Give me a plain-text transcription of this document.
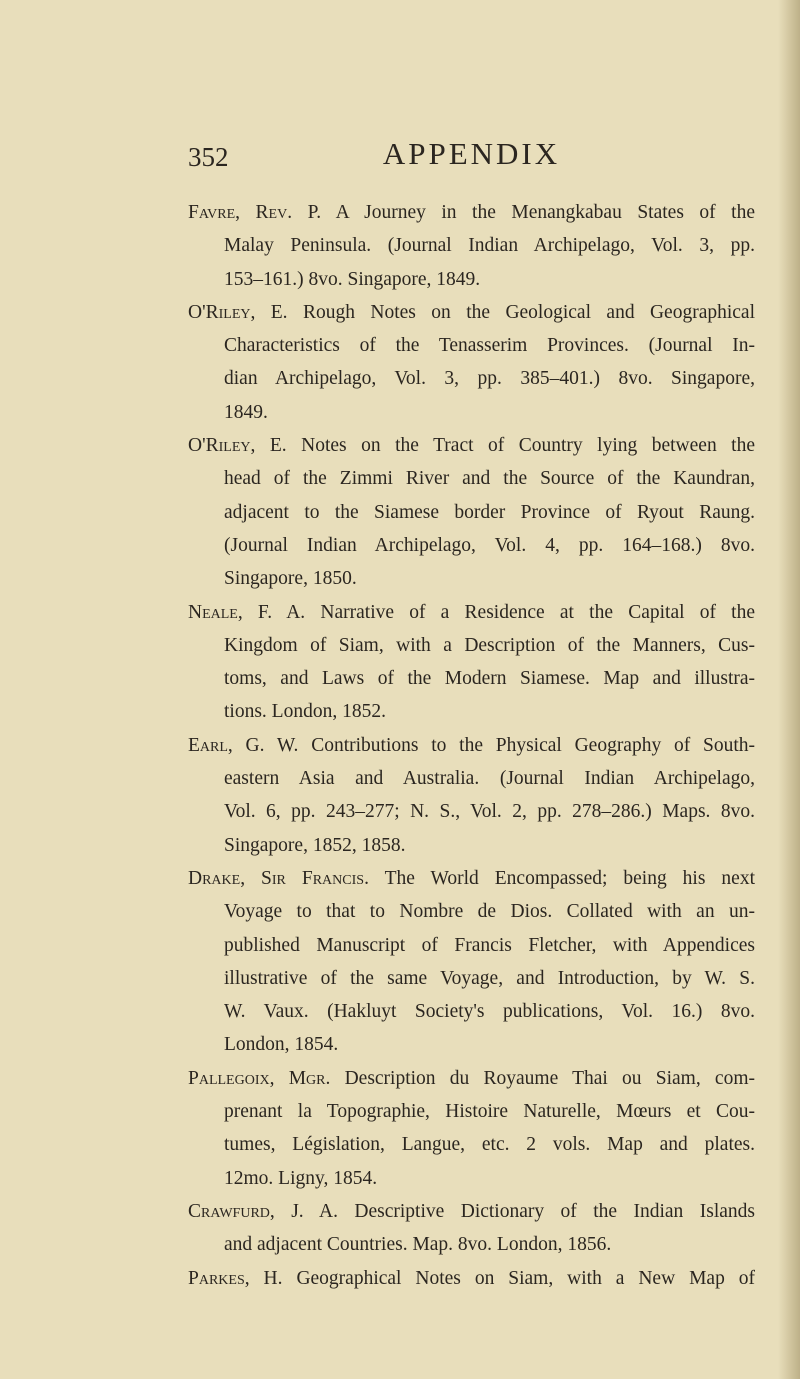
352	APPENDIX
Favre, Rev. P. A Journey in the Menangkabau States of the
Malay Peninsula. (Journal Indian Archipelago, Vol. 3, pp.
153–161.) 8vo. Singapore, 1849.
O'Riley, E. Rough Notes on the Geological and Geographical
Characteristics of the Tenasserim Provinces. (Journal In-
dian Archipelago, Vol. 3, pp. 385–401.) 8vo. Singapore,
1849.
O'Riley, E. Notes on the Tract of Country lying between the
head of the Zimmi River and the Source of the Kaundran,
adjacent to the Siamese border Province of Ryout Raung.
(Journal Indian Archipelago, Vol. 4, pp. 164–168.) 8vo.
Singapore, 1850.
Neale, F. A. Narrative of a Residence at the Capital of the
Kingdom of Siam, with a Description of the Manners, Cus-
toms, and Laws of the Modern Siamese. Map and illustra-
tions. London, 1852.
Earl, G. W. Contributions to the Physical Geography of South-
eastern Asia and Australia. (Journal Indian Archipelago,
Vol. 6, pp. 243–277; N. S., Vol. 2, pp. 278–286.) Maps. 8vo.
Singapore, 1852, 1858.
Drake, Sir Francis. The World Encompassed; being his next
Voyage to that to Nombre de Dios. Collated with an un-
published Manuscript of Francis Fletcher, with Appendices
illustrative of the same Voyage, and Introduction, by W. S.
W. Vaux. (Hakluyt Society's publications, Vol. 16.) 8vo.
London, 1854.
Pallegoix, Mgr. Description du Royaume Thai ou Siam, com-
prenant la Topographie, Histoire Naturelle, Mœurs et Cou-
tumes, Législation, Langue, etc. 2 vols. Map and plates.
12mo. Ligny, 1854.
Crawfurd, J. A. Descriptive Dictionary of the Indian Islands
and adjacent Countries. Map. 8vo. London, 1856.
Parkes, H. Geographical Notes on Siam, with a New Map of
